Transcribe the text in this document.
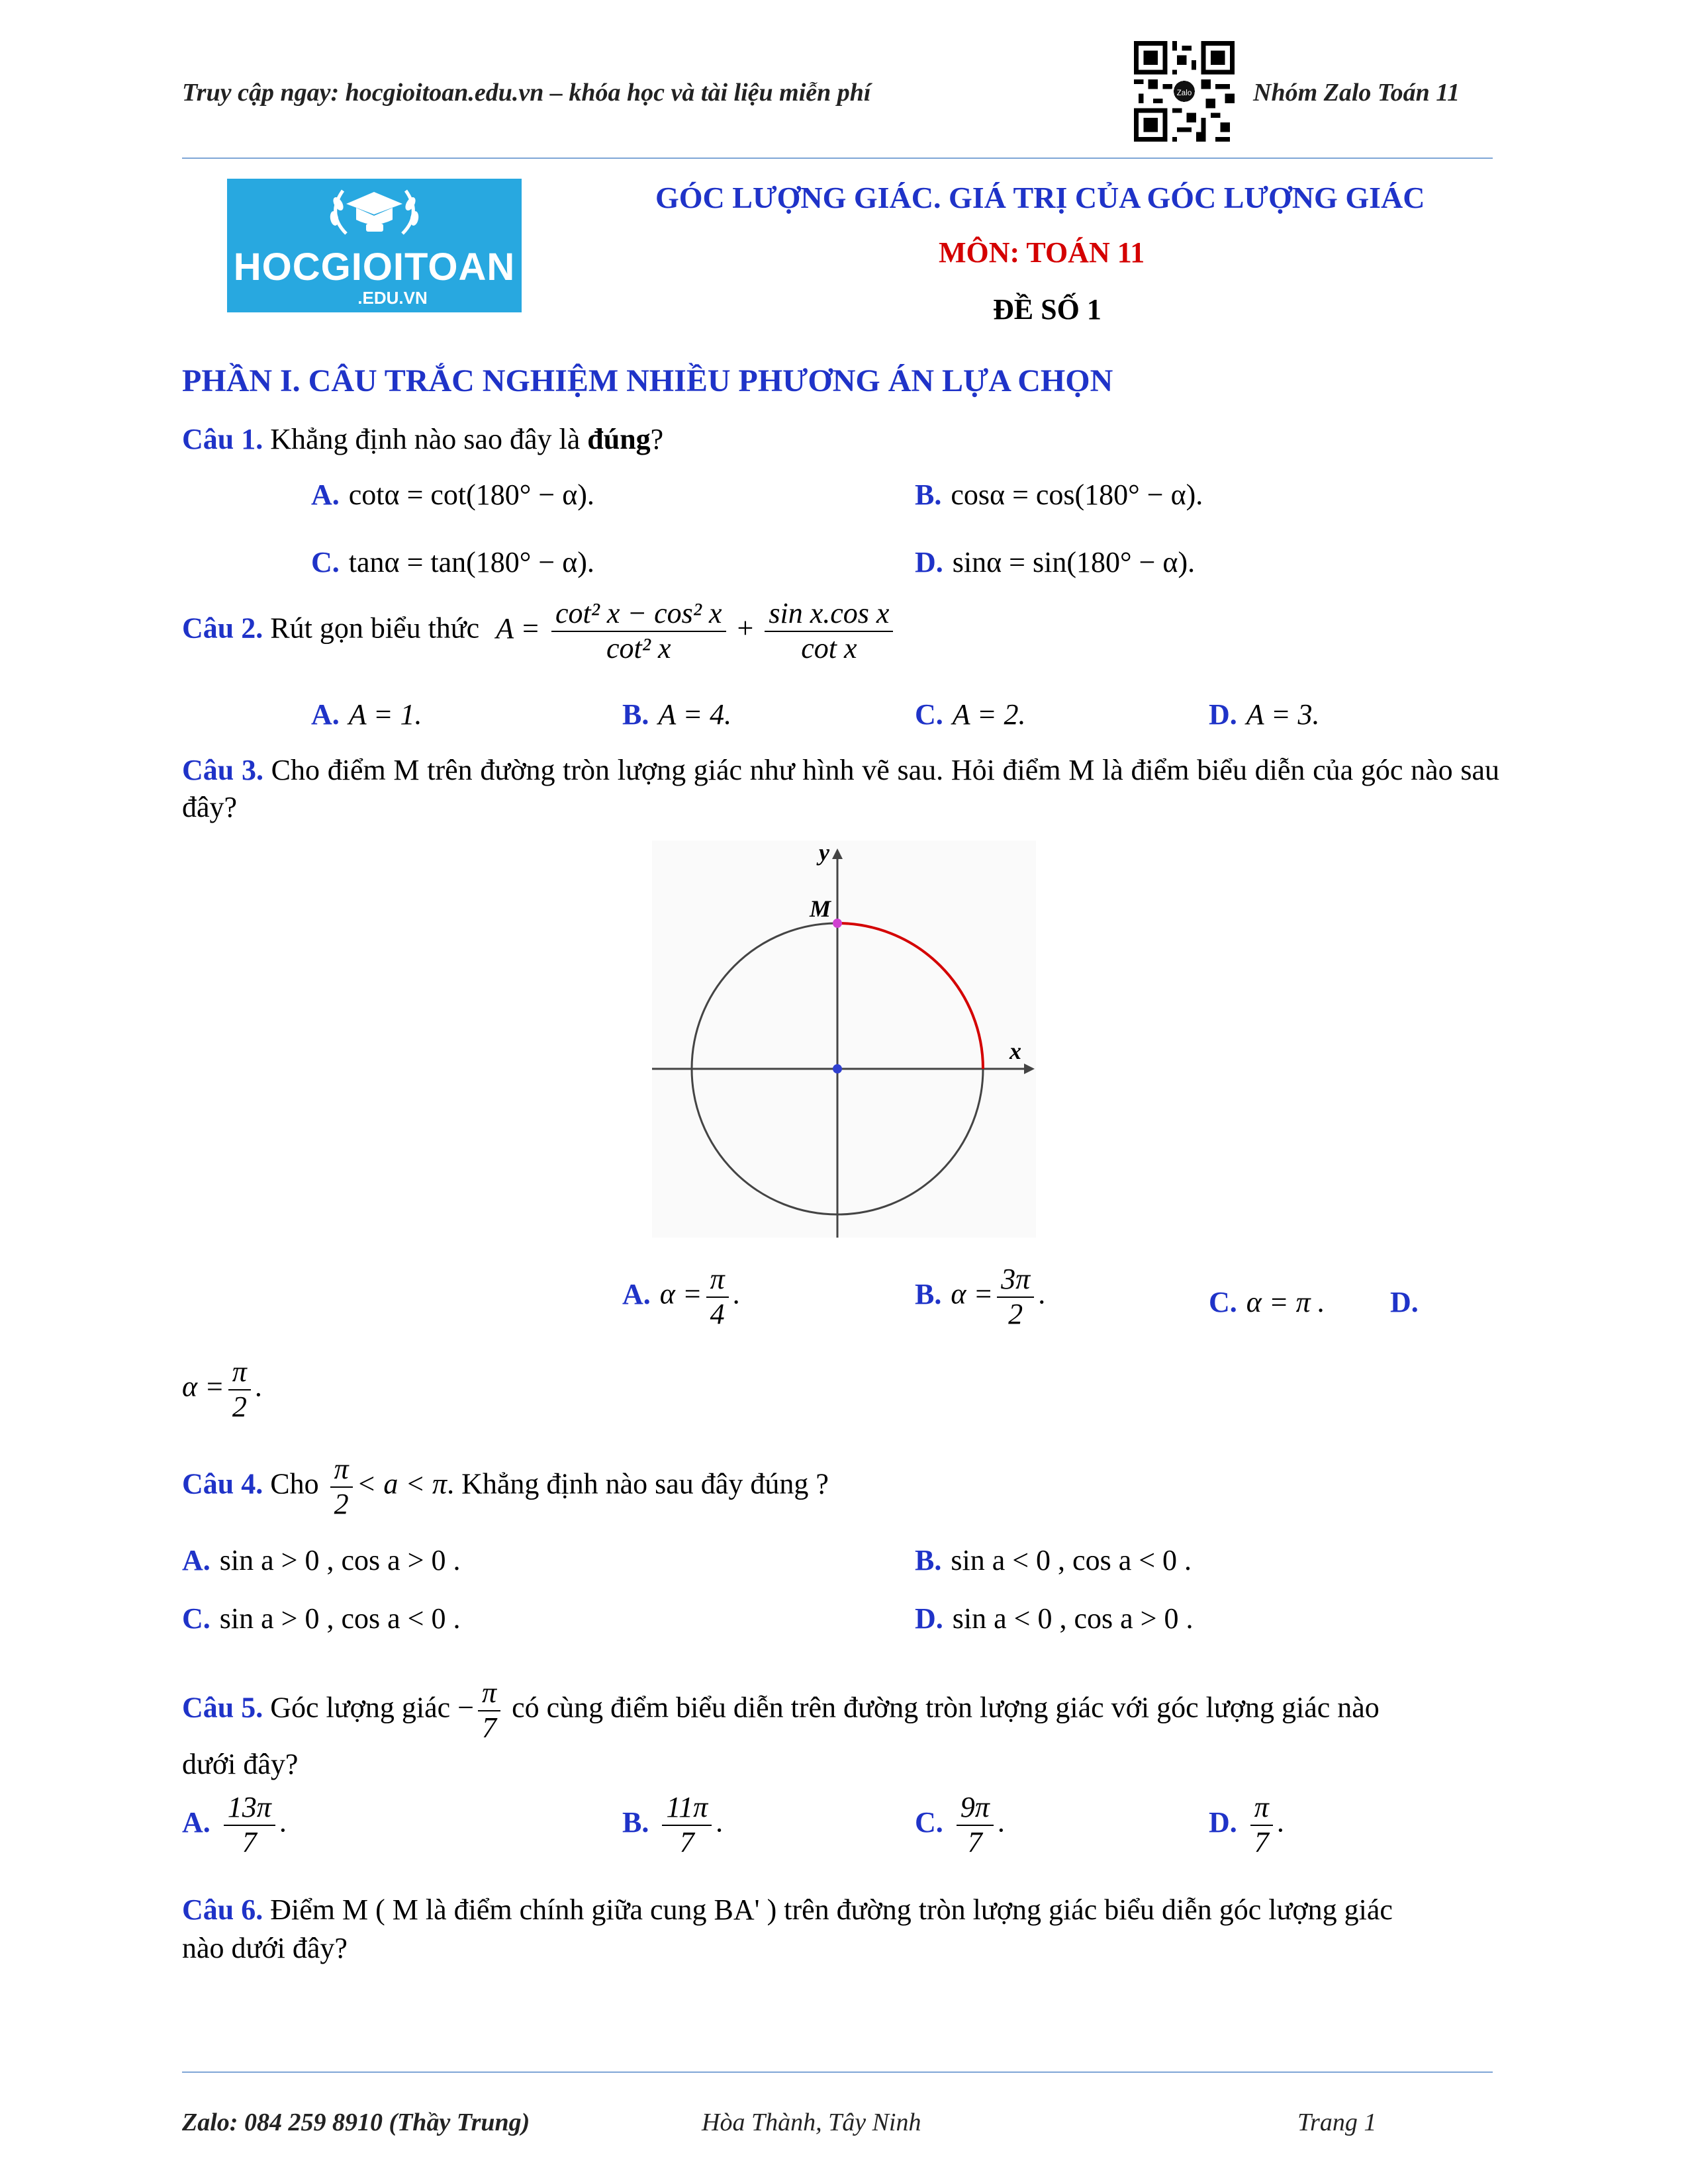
Truy cập ngay: hocgioitoan.edu.vn – khóa học và tài liệu miễn phí	Nhóm Zalo Toán 11
Zalo
HOCGIOITOAN
.EDU.VN
GÓC LƯỢNG GIÁC. GIÁ TRỊ CỦA GÓC LƯỢNG GIÁC
MÔN: TOÁN 11
ĐỀ SỐ 1
PHẦN I. CÂU TRẮC NGHIỆM NHIỀU PHƯƠNG ÁN LỰA CHỌN
Câu 1. Khẳng định nào sao đây là đúng?
A. cotα = cot(180° − α).	B. cosα = cos(180° − α).
C. tanα = tan(180° − α).	D. sinα = sin(180° − α).
Câu 2. Rút gọn biểu thức $A = \frac{\text{cot² x − cos² x}}{\text{cot² x}} + \frac{\text{sin x.cos x}}{\text{cot x}}$
A. A = 1.	B. A = 4.	C. A = 2.	D. A = 3.
Câu 3. Cho điểm M trên đường tròn lượng giác như hình vẽ sau. Hỏi điểm M là điểm biểu diễn của góc nào sau đây?
y
x
M
A. $\alpha = \frac{\pi}{4}$ .	B. $\alpha = \frac{3\pi}{2}$ .	C. α = π . D.
$\alpha = \frac{\pi}{2}$ .
Câu 4. Cho $\frac{\pi}{2} < a < \pi$. Khẳng định nào sau đây đúng ?
A. sin a > 0 , cos a > 0 .	B. sin a < 0 , cos a < 0 .
C. sin a > 0 , cos a < 0 .	D. sin a < 0 , cos a > 0 .
Câu 5. Góc lượng giác − $\frac{\pi}{7}$ có cùng điểm biểu diễn trên đường tròn lượng giác với góc lượng giác nào
dưới đây?
A. $\frac{13\pi}{7}$ .	B. $\frac{11\pi}{7}$ .	C. $\frac{9\pi}{7}$ .	D. $\frac{\pi}{7}$ .
Câu 6. Điểm M ( M là điểm chính giữa cung BA' ) trên đường tròn lượng giác biểu diễn góc lượng giác
nào dưới đây?
Zalo: 084 259 8910 (Thầy Trung)	Hòa Thành, Tây Ninh	Trang 1
